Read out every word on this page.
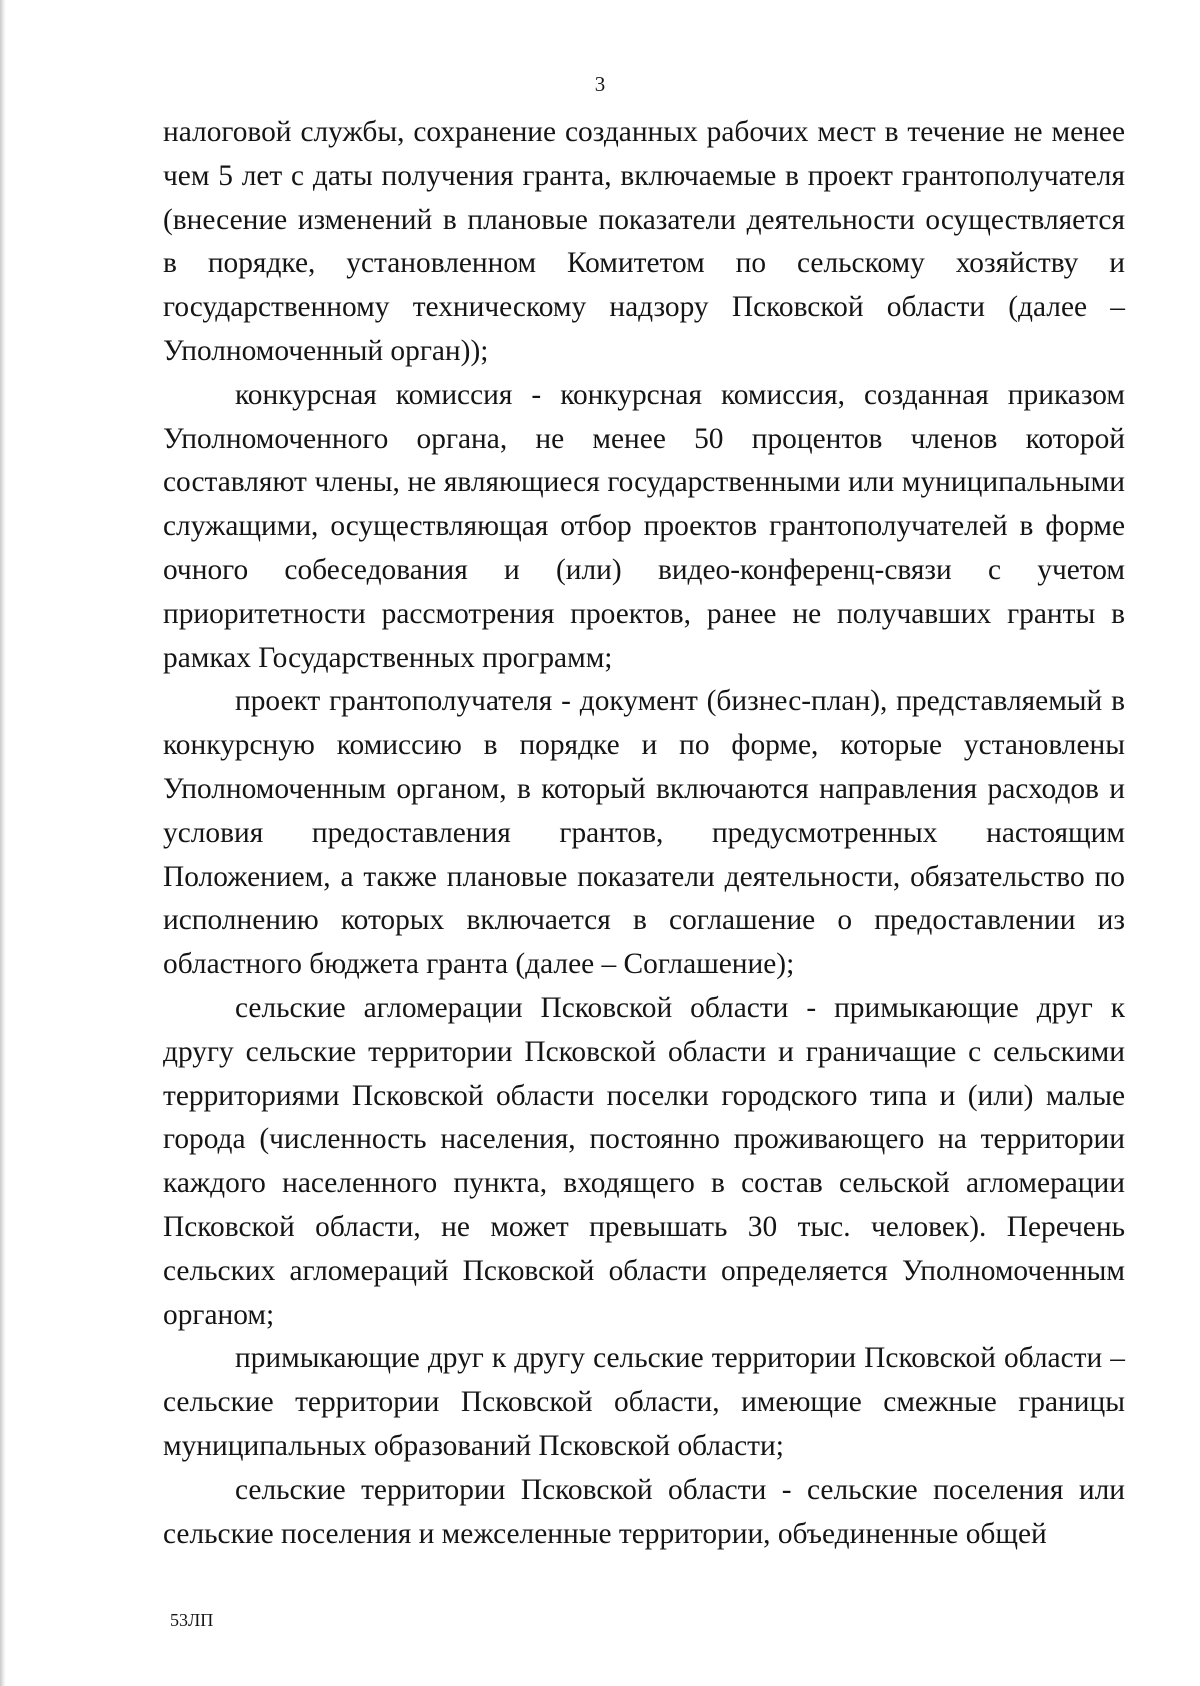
3

налоговой службы, сохранение созданных рабочих мест в течение не менее чем 5 лет с даты получения гранта, включаемые в проект грантополучателя (внесение изменений в плановые показатели деятельности осуществляется в порядке, установленном Комитетом по сельскому хозяйству и государственному техническому надзору Псковской области (далее – Уполномоченный орган));

конкурсная комиссия - конкурсная комиссия, созданная приказом Уполномоченного органа, не менее 50 процентов членов которой составляют члены, не являющиеся государственными или муниципальными служащими, осуществляющая отбор проектов грантополучателей в форме очного собеседования и (или) видео-конференц-связи с учетом приоритетности рассмотрения проектов, ранее не получавших гранты в рамках Государственных программ;

проект грантополучателя - документ (бизнес-план), представляемый в конкурсную комиссию в порядке и по форме, которые установлены Уполномоченным органом, в который включаются направления расходов и условия предоставления грантов, предусмотренных настоящим Положением, а также плановые показатели деятельности, обязательство по исполнению которых включается в соглашение о предоставлении из областного бюджета гранта (далее – Соглашение);

сельские агломерации Псковской области - примыкающие друг к другу сельские территории Псковской области и граничащие с сельскими территориями Псковской области поселки городского типа и (или) малые города (численность населения, постоянно проживающего на территории каждого населенного пункта, входящего в состав сельской агломерации Псковской области, не может превышать 30 тыс. человек). Перечень сельских агломераций Псковской области определяется Уполномоченным органом;

примыкающие друг к другу сельские территории Псковской области – сельские территории Псковской области, имеющие смежные границы муниципальных образований Псковской области;

сельские территории Псковской области - сельские поселения или сельские поселения и межселенные территории, объединенные общей

53ЛП
